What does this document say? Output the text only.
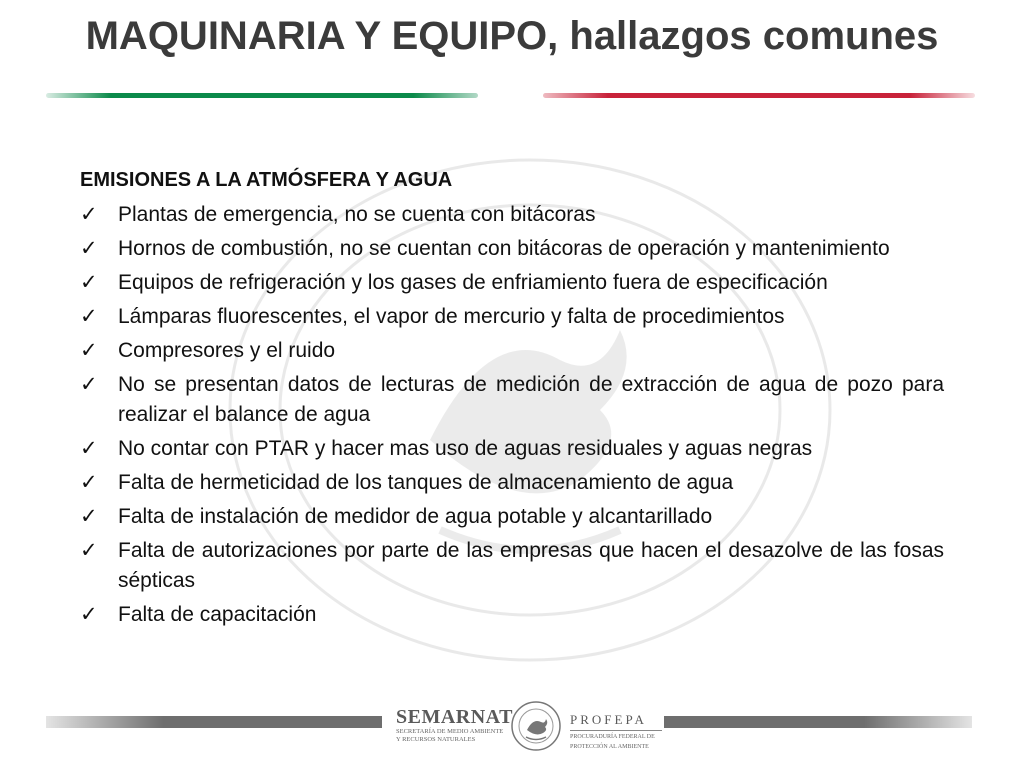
MAQUINARIA Y EQUIPO, hallazgos comunes
EMISIONES A LA ATMÓSFERA Y AGUA
✓ Plantas de emergencia, no se cuenta con bitácoras
✓ Hornos de combustión, no se cuentan con bitácoras de operación y mantenimiento
✓ Equipos de refrigeración y los gases de enfriamiento fuera de especificación
✓ Lámparas fluorescentes, el vapor de mercurio y falta de procedimientos
✓ Compresores y el ruido
✓ No se presentan datos de lecturas de medición de extracción de agua de pozo para realizar el balance de agua
✓ No contar con PTAR y hacer mas uso de aguas residuales y aguas negras
✓ Falta de hermeticidad de los tanques de almacenamiento de agua
✓ Falta de instalación de medidor de agua potable y alcantarillado
✓ Falta de autorizaciones por parte de las empresas que hacen el desazolve de las fosas sépticas
✓ Falta de capacitación
SEMARNAT
SECRETARÍA DE MEDIO AMBIENTE
Y RECURSOS NATURALES
PROFEPA
PROCURADURÍA FEDERAL DE
PROTECCIÓN AL AMBIENTE
